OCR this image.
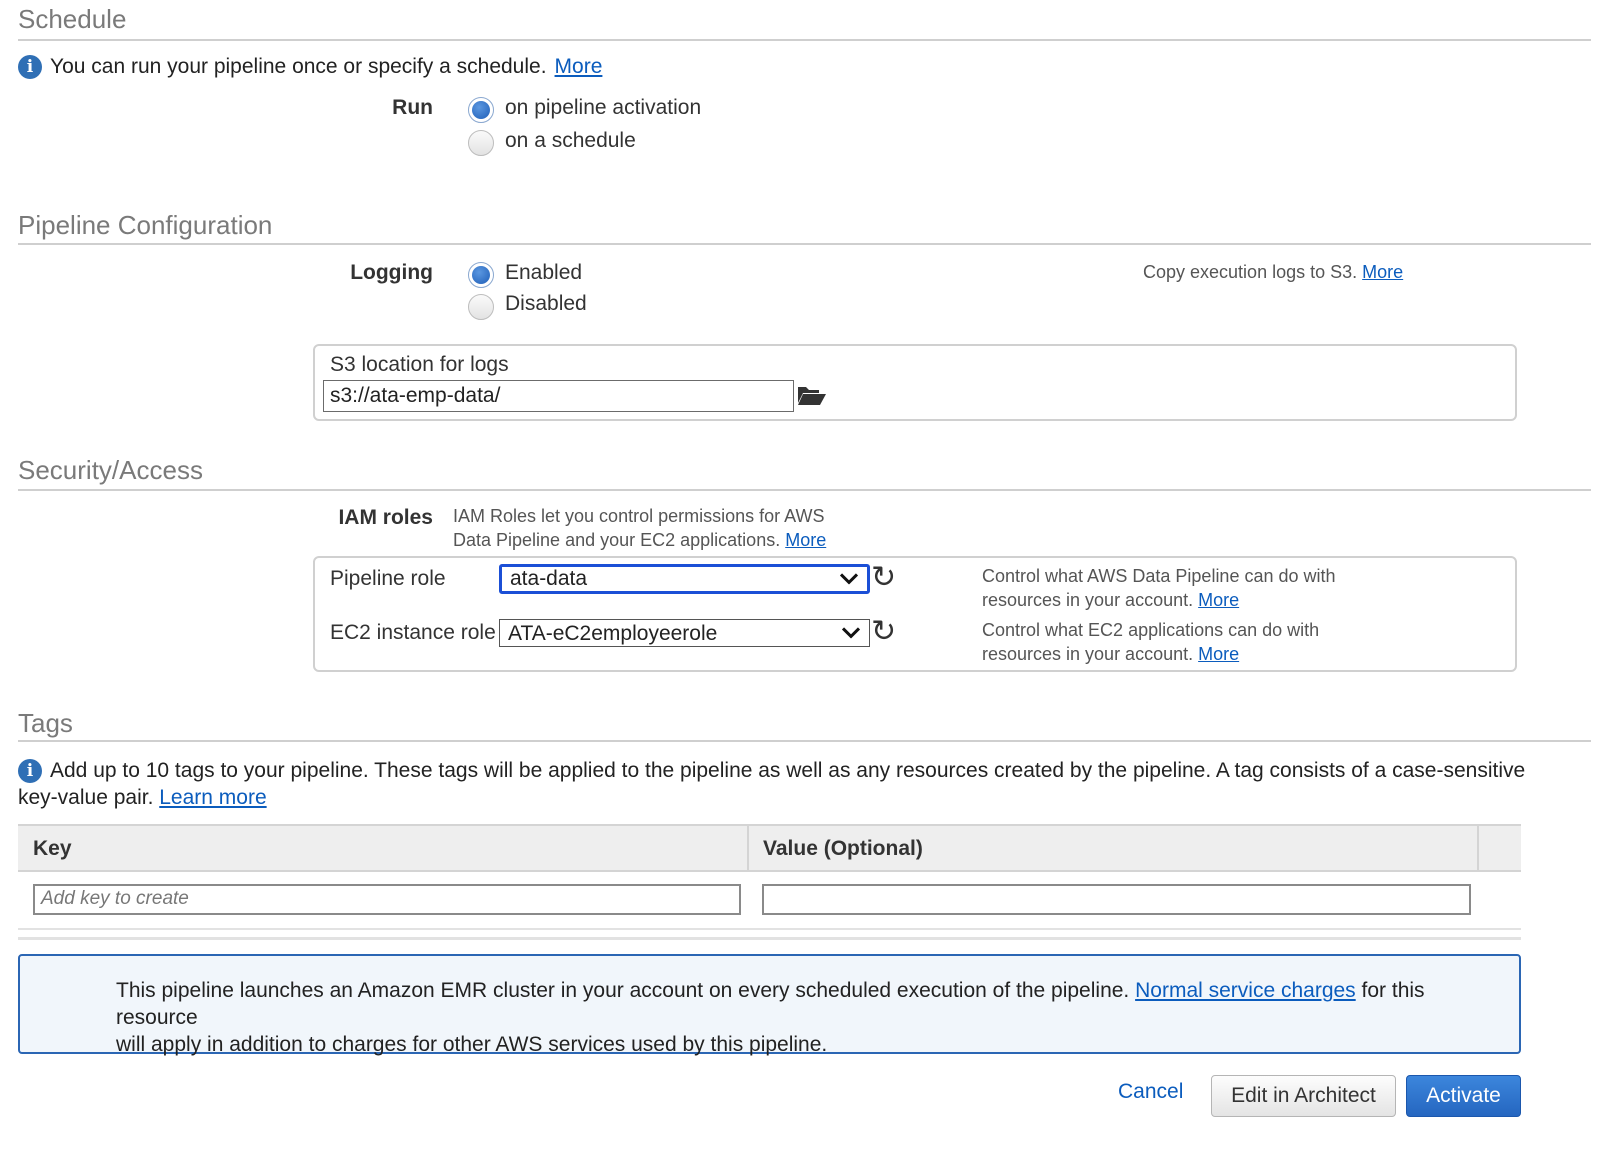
Schedule
i You can run your pipeline once or specify a schedule. More
Run	on pipeline activation
on a schedule
Pipeline Configuration
Logging	Enabled
Disabled
Copy execution logs to S3. More
S3 location for logs
s3://ata-emp-data/
Security/Access
IAM roles IAM Roles let you control permissions for AWS
Data Pipeline and your EC2 applications. More
Pipeline role	ata-data	↻	Control what AWS Data Pipeline can do with
resources in your account. More
EC2 instance role ATA-eC2employeerole	↻	Control what EC2 applications can do with
resources in your account. More
Tags
i Add up to 10 tags to your pipeline. These tags will be applied to the pipeline as well as any resources created by the pipeline. A tag consists of a case-sensitive
key-value pair. Learn more
Key	Value (Optional)
Add key to create
This pipeline launches an Amazon EMR cluster in your account on every scheduled execution of the pipeline. Normal service charges for this resource
will apply in addition to charges for other AWS services used by this pipeline.
Cancel	Edit in Architect	Activate
